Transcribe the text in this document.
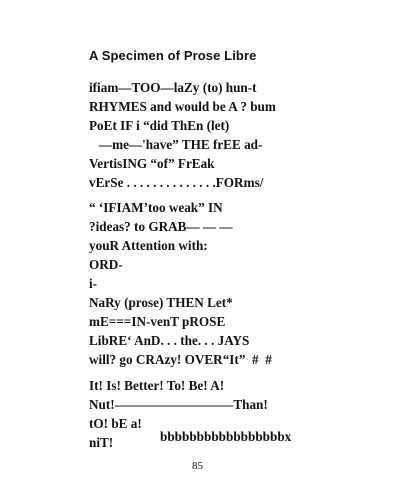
A Specimen of Prose Libre
ifiam—TOO—laZy (to) hun-t
RHYMES and would be A ? bum
PoEt IF i “did ThEn (let)
—me—'have” THE frEE ad-
VertisING “of” FrEak
vErSe . . . . . . . . . . . . . .FORms/
“ ‘IFIAM’too weak” IN
?ideas? to GRAB— — —
youR Attention with:
ORD-
i-
NaRy (prose) THEN Let*
mE===IN-venT pROSE
LibRE‘ AnD. . . the. . . JAYS
will? go CRAzy! OVER“It”  #  #
It! Is! Better! To! Be! A!
Nut!—————————Than!
tO! bE a!
niT!	bbbbbbbbbbbbbbbbbx
85
